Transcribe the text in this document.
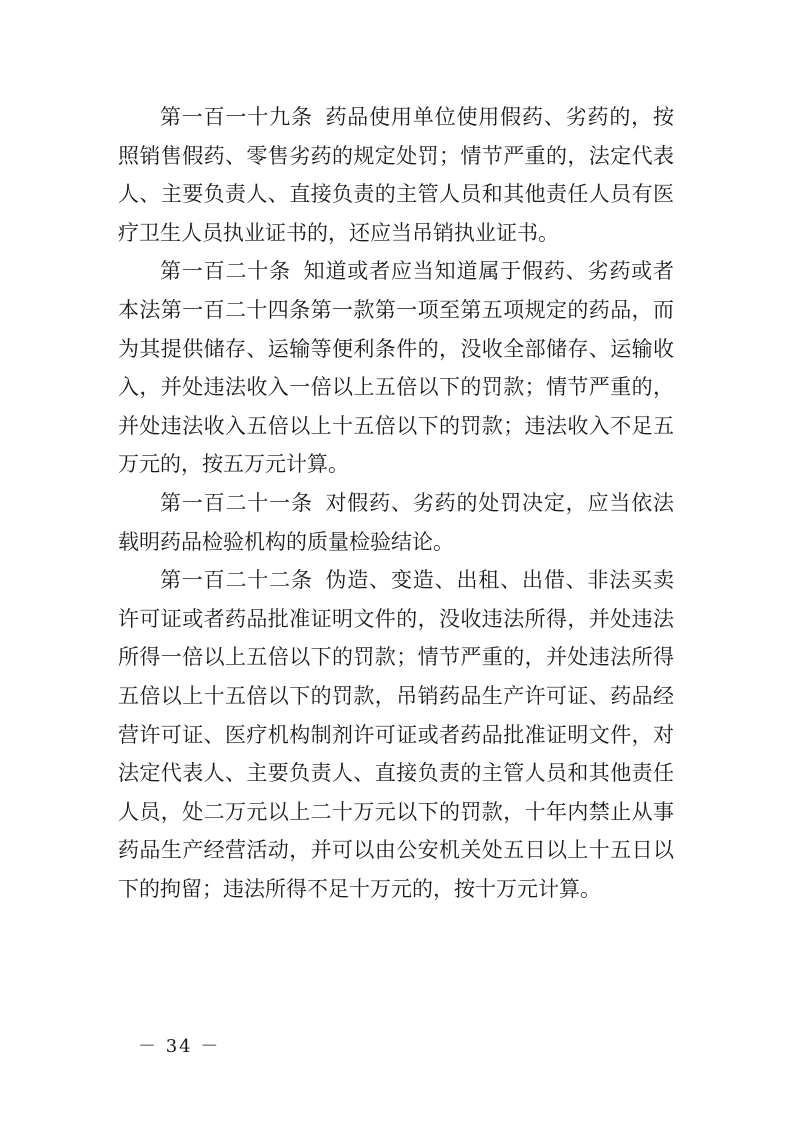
第一百一十九条 药品使用单位使用假药、劣药的，按照销售假药、零售劣药的规定处罚；情节严重的，法定代表人、主要负责人、直接负责的主管人员和其他责任人员有医疗卫生人员执业证书的，还应当吊销执业证书。

第一百二十条 知道或者应当知道属于假药、劣药或者本法第一百二十四条第一款第一项至第五项规定的药品，而为其提供储存、运输等便利条件的，没收全部储存、运输收入，并处违法收入一倍以上五倍以下的罚款；情节严重的，并处违法收入五倍以上十五倍以下的罚款；违法收入不足五万元的，按五万元计算。

第一百二十一条 对假药、劣药的处罚决定，应当依法载明药品检验机构的质量检验结论。

第一百二十二条 伪造、变造、出租、出借、非法买卖许可证或者药品批准证明文件的，没收违法所得，并处违法所得一倍以上五倍以下的罚款；情节严重的，并处违法所得五倍以上十五倍以下的罚款，吊销药品生产许可证、药品经营许可证、医疗机构制剂许可证或者药品批准证明文件，对法定代表人、主要负责人、直接负责的主管人员和其他责任人员，处二万元以上二十万元以下的罚款，十年内禁止从事药品生产经营活动，并可以由公安机关处五日以上十五日以下的拘留；违法所得不足十万元的，按十万元计算。

－ 34 －
